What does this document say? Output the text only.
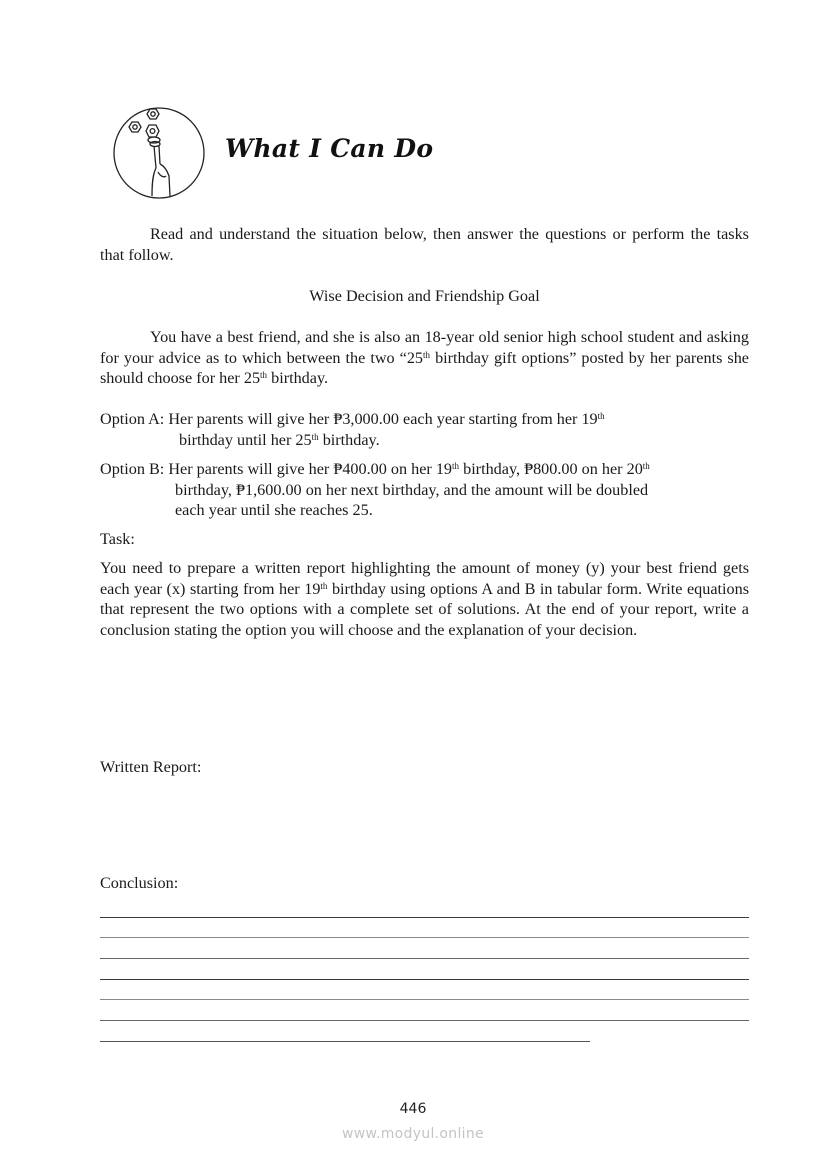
What I Can Do
Read and understand the situation below, then answer the questions or perform the tasks that follow.
Wise Decision and Friendship Goal
You have a best friend, and she is also an 18-year old senior high school student and asking for your advice as to which between the two “25th birthday gift options” posted by her parents she should choose for her 25th birthday.
Option A: Her parents will give her ₱3,000.00 each year starting from her 19th
birthday until her 25th birthday.
Option B: Her parents will give her ₱400.00 on her 19th birthday, ₱800.00 on her 20th
birthday, ₱1,600.00 on her next birthday, and the amount will be doubled
each year until she reaches 25.
Task:
You need to prepare a written report highlighting the amount of money (y) your best friend gets each year (x) starting from her 19th birthday using options A and B in tabular form. Write equations that represent the two options with a complete set of solutions. At the end of your report, write a conclusion stating the option you will choose and the explanation of your decision.
Written Report:
Conclusion:
446
www.modyul.online
